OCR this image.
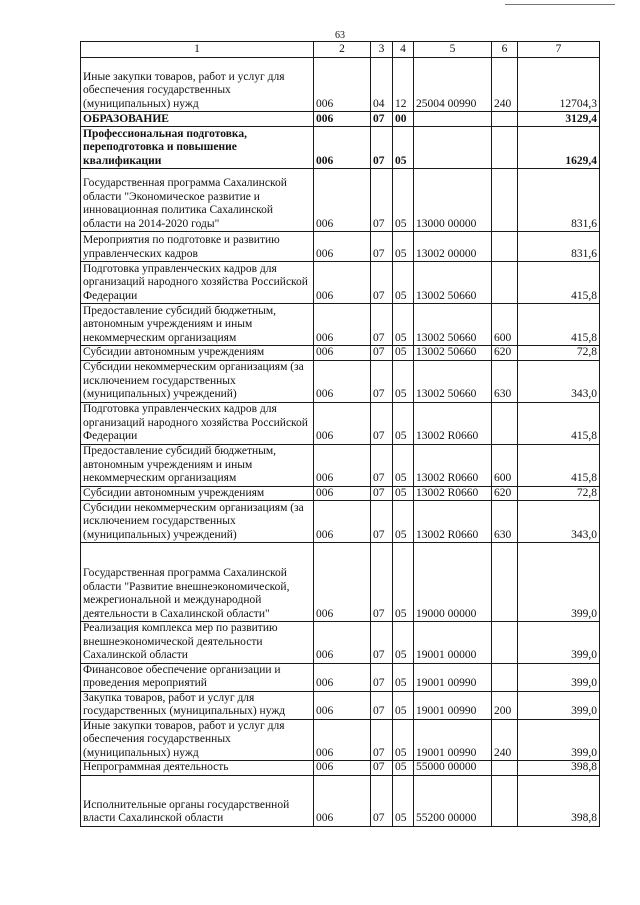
63
1	2	3	4	5	6	7
Иные закупки товаров, работ и услуг для обеспечения государственных (муниципальных) нужд	006	04	12	25004 00990	240	12704,3
ОБРАЗОВАНИЕ	006	07	00			3129,4
Профессиональная подготовка, переподготовка и повышение квалификации	006	07	05			1629,4
Государственная программа Сахалинской области "Экономическое развитие и инновационная политика Сахалинской области на 2014-2020 годы"	006	07	05	13000 00000		831,6
Мероприятия по подготовке и развитию управленческих кадров	006	07	05	13002 00000		831,6
Подготовка управленческих кадров для организаций народного хозяйства Российской Федерации	006	07	05	13002 50660		415,8
Предоставление субсидий бюджетным, автономным учреждениям и иным некоммерческим организациям	006	07	05	13002 50660	600	415,8
Субсидии автономным учреждениям	006	07	05	13002 50660	620	72,8
Субсидии некоммерческим организациям (за исключением государственных (муниципальных) учреждений)	006	07	05	13002 50660	630	343,0
Подготовка управленческих кадров для организаций народного хозяйства Российской Федерации	006	07	05	13002 R0660		415,8
Предоставление субсидий бюджетным, автономным учреждениям и иным некоммерческим организациям	006	07	05	13002 R0660	600	415,8
Субсидии автономным учреждениям	006	07	05	13002 R0660	620	72,8
Субсидии некоммерческим организациям (за исключением государственных (муниципальных) учреждений)	006	07	05	13002 R0660	630	343,0
Государственная программа Сахалинской области "Развитие внешнеэкономической, межрегиональной и международной деятельности в Сахалинской области"	006	07	05	19000 00000		399,0
Реализация комплекса мер по развитию внешнеэкономической деятельности Сахалинской области	006	07	05	19001 00000		399,0
Финансовое обеспечение организации и проведения мероприятий	006	07	05	19001 00990		399,0
Закупка товаров, работ и услуг для государственных (муниципальных) нужд	006	07	05	19001 00990	200	399,0
Иные закупки товаров, работ и услуг для обеспечения государственных (муниципальных) нужд	006	07	05	19001 00990	240	399,0
Непрограммная деятельность	006	07	05	55000 00000		398,8
Исполнительные органы государственной власти Сахалинской области	006	07	05	55200 00000		398,8
